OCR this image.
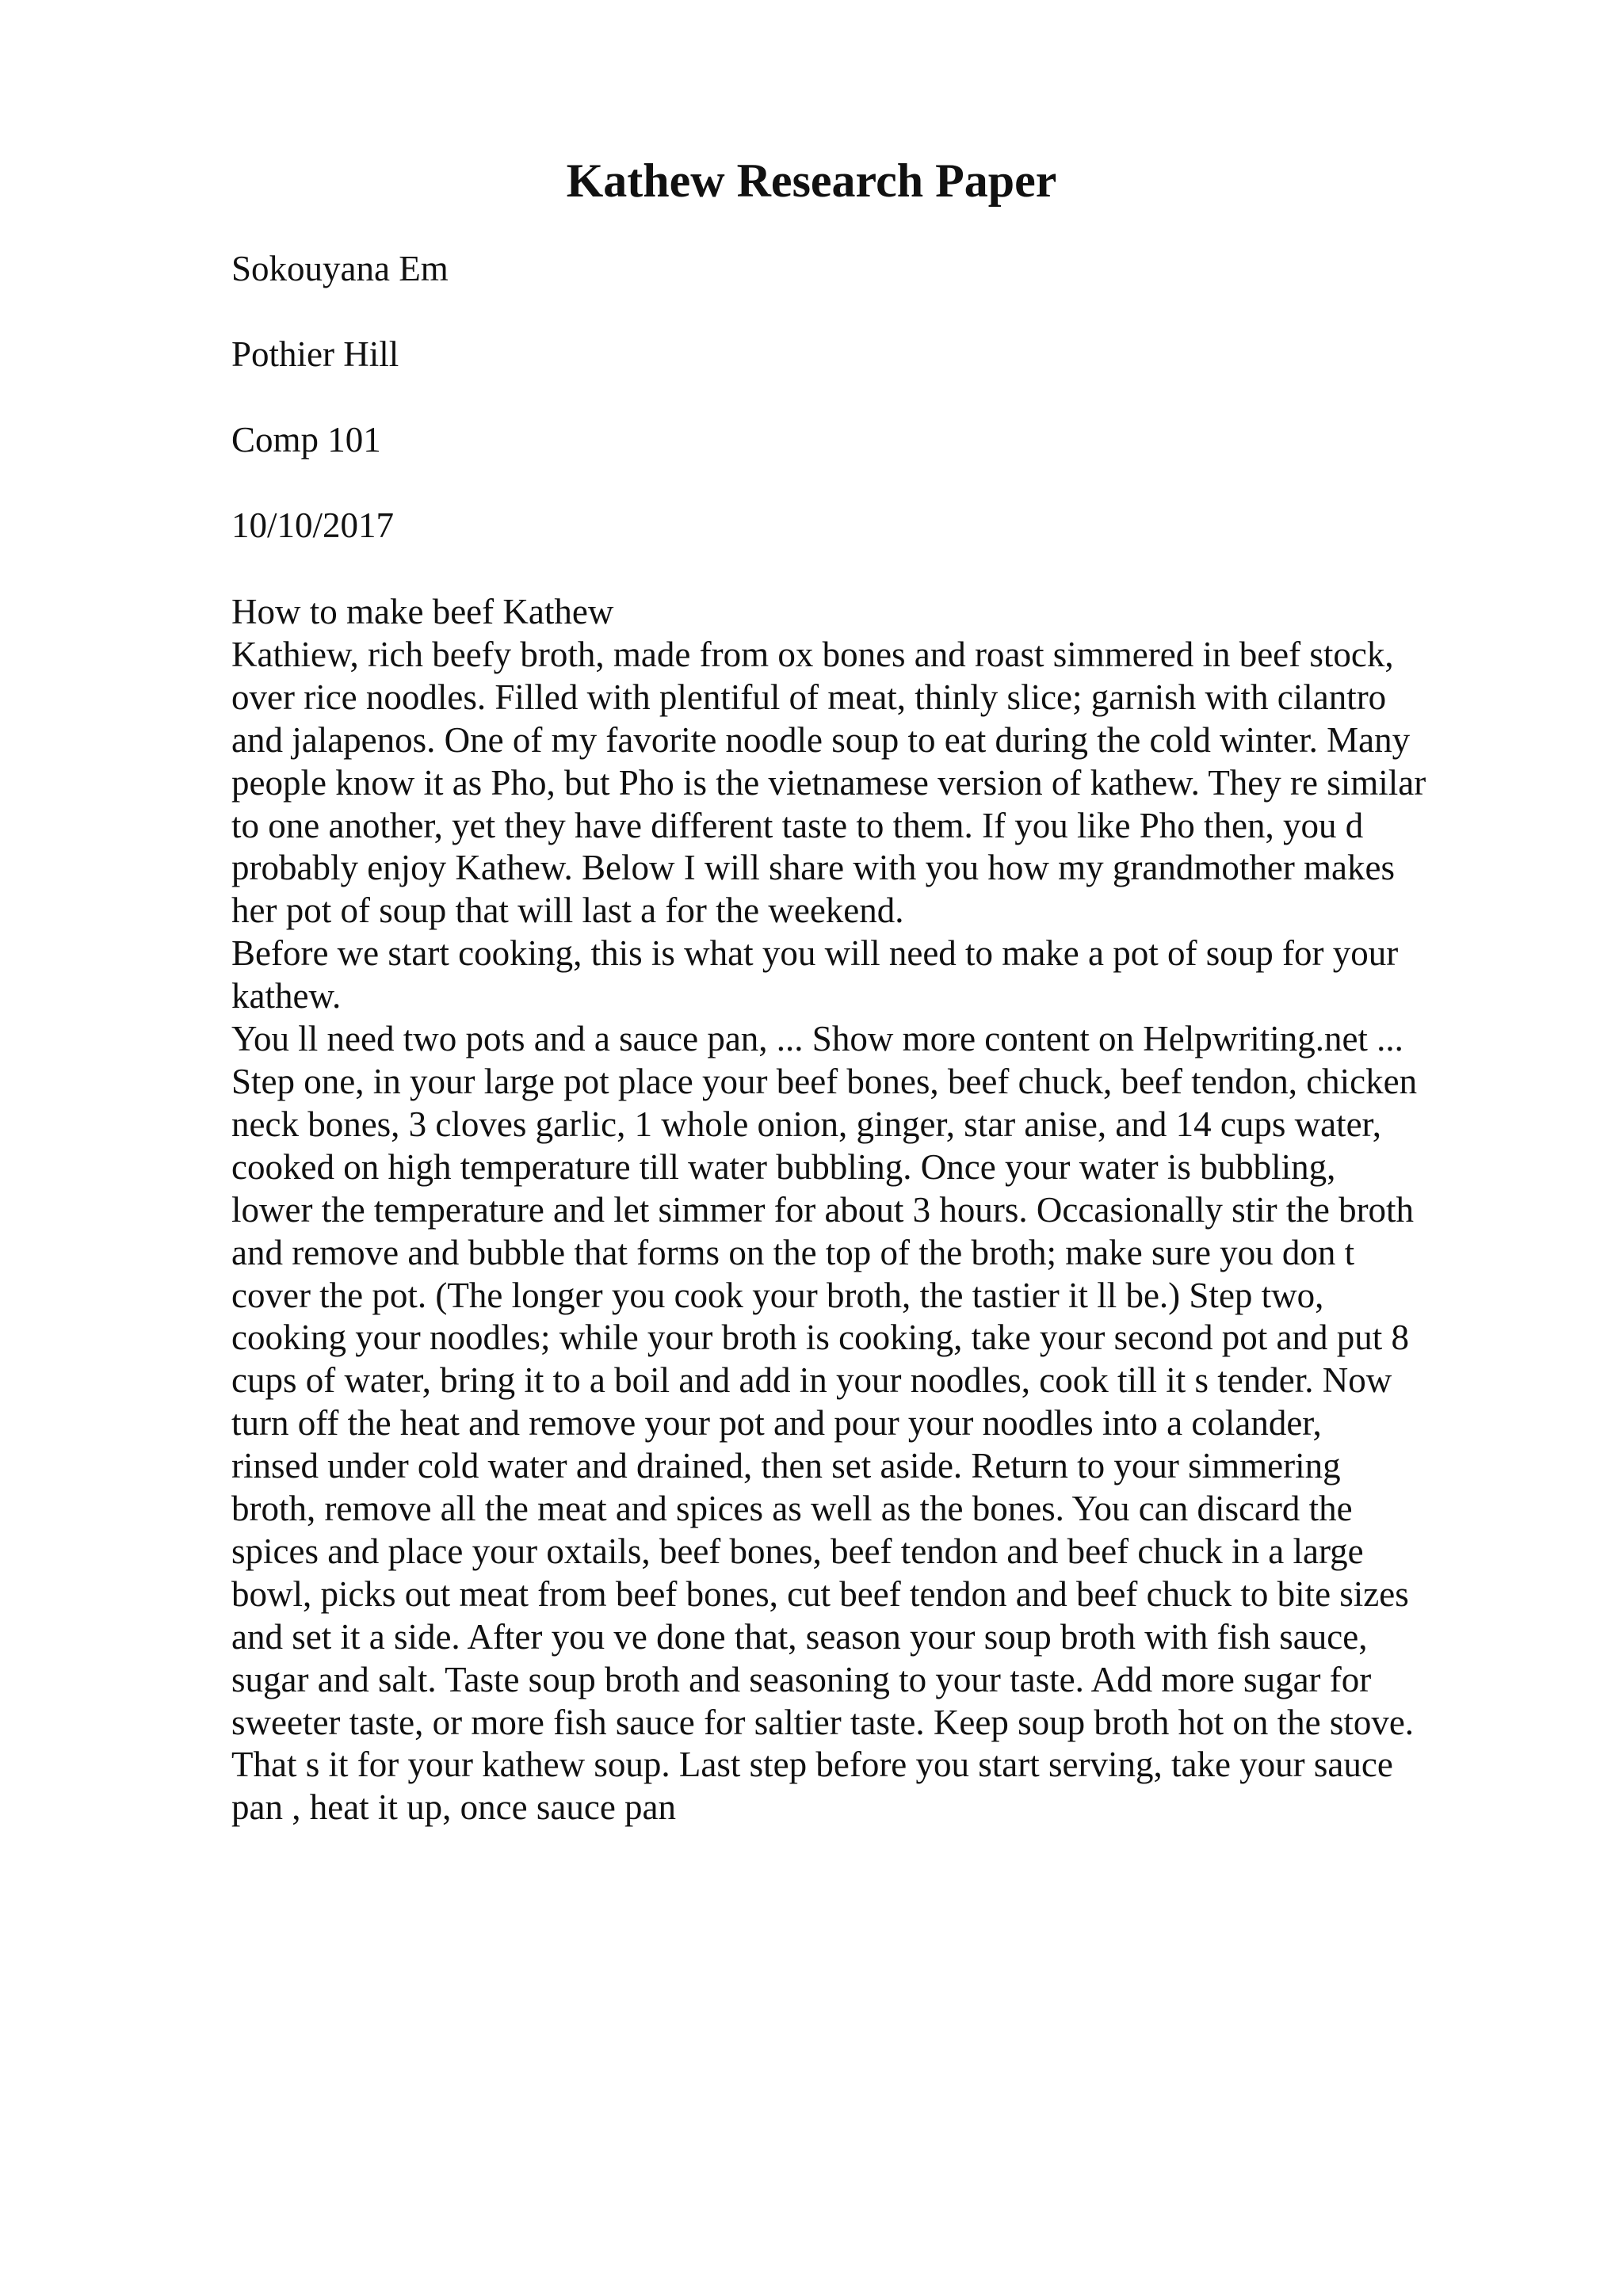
Kathew Research Paper

Sokouyana Em

Pothier Hill

Comp 101

10/10/2017

How to make beef Kathew
Kathiew, rich beefy broth, made from ox bones and roast simmered in beef stock,
over rice noodles. Filled with plentiful of meat, thinly slice; garnish with cilantro
and jalapenos. One of my favorite noodle soup to eat during the cold winter. Many
people know it as Pho, but Pho is the vietnamese version of kathew. They re similar
to one another, yet they have different taste to them. If you like Pho then, you d
probably enjoy Kathew. Below I will share with you how my grandmother makes
her pot of soup that will last a for the weekend.
Before we start cooking, this is what you will need to make a pot of soup for your
kathew.
You ll need two pots and a sauce pan, ... Show more content on Helpwriting.net ...
Step one, in your large pot place your beef bones, beef chuck, beef tendon, chicken
neck bones, 3 cloves garlic, 1 whole onion, ginger, star anise, and 14 cups water,
cooked on high temperature till water bubbling. Once your water is bubbling,
lower the temperature and let simmer for about 3 hours. Occasionally stir the broth
and remove and bubble that forms on the top of the broth; make sure you don t
cover the pot. (The longer you cook your broth, the tastier it ll be.) Step two,
cooking your noodles; while your broth is cooking, take your second pot and put 8
cups of water, bring it to a boil and add in your noodles, cook till it s tender. Now
turn off the heat and remove your pot and pour your noodles into a colander,
rinsed under cold water and drained, then set aside. Return to your simmering
broth, remove all the meat and spices as well as the bones. You can discard the
spices and place your oxtails, beef bones, beef tendon and beef chuck in a large
bowl, picks out meat from beef bones, cut beef tendon and beef chuck to bite sizes
and set it a side. After you ve done that, season your soup broth with fish sauce,
sugar and salt. Taste soup broth and seasoning to your taste. Add more sugar for
sweeter taste, or more fish sauce for saltier taste. Keep soup broth hot on the stove.
That s it for your kathew soup. Last step before you start serving, take your sauce
pan , heat it up, once sauce pan
